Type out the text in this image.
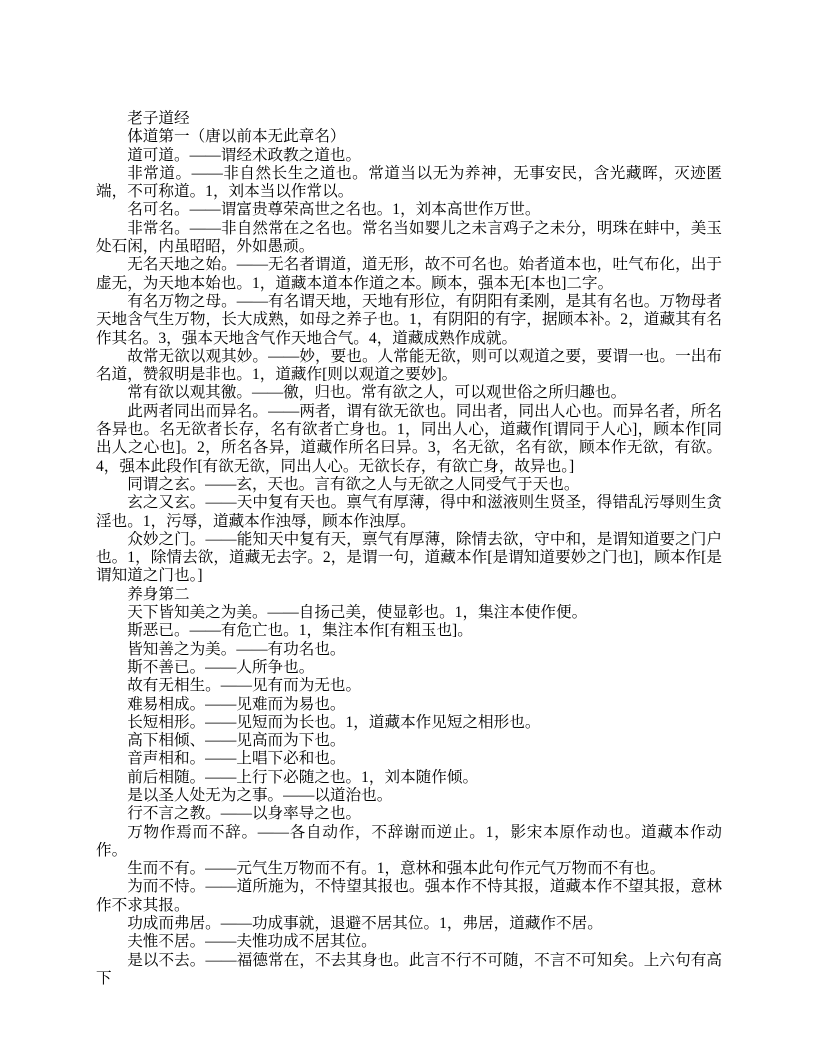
老子道经

体道第一（唐以前本无此章名）

道可道。——谓经术政教之道也。

非常道。——非自然长生之道也。常道当以无为养神，无事安民，含光藏晖，灭迹匿端，不可称道。1，刘本当以作常以。

名可名。——谓富贵尊荣高世之名也。1，刘本高世作万世。

非常名。——非自然常在之名也。常名当如婴儿之未言鸡子之未分，明珠在蚌中，美玉处石闲，内虽昭昭，外如愚顽。

无名天地之始。——无名者谓道，道无形，故不可名也。始者道本也，吐气布化，出于虚无，为天地本始也。1，道藏本道本作道之本。顾本，强本无[本也]二字。

有名万物之母。——有名谓天地，天地有形位，有阴阳有柔刚，是其有名也。万物母者天地含气生万物，长大成熟，如母之养子也。1，有阴阳的有字，据顾本补。2，道藏其有名作其名。3，强本天地含气作天地合气。4，道藏成熟作成就。

故常无欲以观其妙。——妙，要也。人常能无欲，则可以观道之要，要谓一也。一出布名道，赞叙明是非也。1，道藏作[则以观道之要妙]。

常有欲以观其徼。——徼，归也。常有欲之人，可以观世俗之所归趣也。

此两者同出而异名。——两者，谓有欲无欲也。同出者，同出人心也。而异名者，所名各异也。名无欲者长存，名有欲者亡身也。1，同出人心，道藏作[谓同于人心]，顾本作[同出人之心也]。2，所名各异，道藏作所名曰异。3，名无欲，名有欲，顾本作无欲，有欲。4，强本此段作[有欲无欲，同出人心。无欲长存，有欲亡身，故异也。]

同谓之玄。——玄，天也。言有欲之人与无欲之人同受气于天也。

玄之又玄。——天中复有天也。禀气有厚薄，得中和滋液则生贤圣，得错乱污辱则生贪淫也。1，污辱，道藏本作浊辱，顾本作浊厚。

众妙之门。——能知天中复有天，禀气有厚薄，除情去欲，守中和，是谓知道要之门户也。1，除情去欲，道藏无去字。2，是谓一句，道藏本作[是谓知道要妙之门也]，顾本作[是谓知道之门也。]

养身第二

天下皆知美之为美。——自扬己美，使显彰也。1，集注本使作便。

斯恶已。——有危亡也。1，集注本作[有粗玉也]。

皆知善之为美。——有功名也。

斯不善已。——人所争也。

故有无相生。——见有而为无也。

难易相成。——见难而为易也。

长短相形。——见短而为长也。1，道藏本作见短之相形也。

高下相倾、——见高而为下也。

音声相和。——上唱下必和也。

前后相随。——上行下必随之也。1，刘本随作倾。

是以圣人处无为之事。——以道治也。

行不言之教。——以身率导之也。

万物作焉而不辞。——各自动作，不辞谢而逆止。1，影宋本原作动也。道藏本作动作。

生而不有。——元气生万物而不有。1，意林和强本此句作元气万物而不有也。

为而不恃。——道所施为，不恃望其报也。强本作不恃其报，道藏本作不望其报，意林作不求其报。

功成而弗居。——功成事就，退避不居其位。1，弗居，道藏作不居。

夫惟不居。——夫惟功成不居其位。

是以不去。——福德常在，不去其身也。此言不行不可随，不言不可知矣。上六句有高下
